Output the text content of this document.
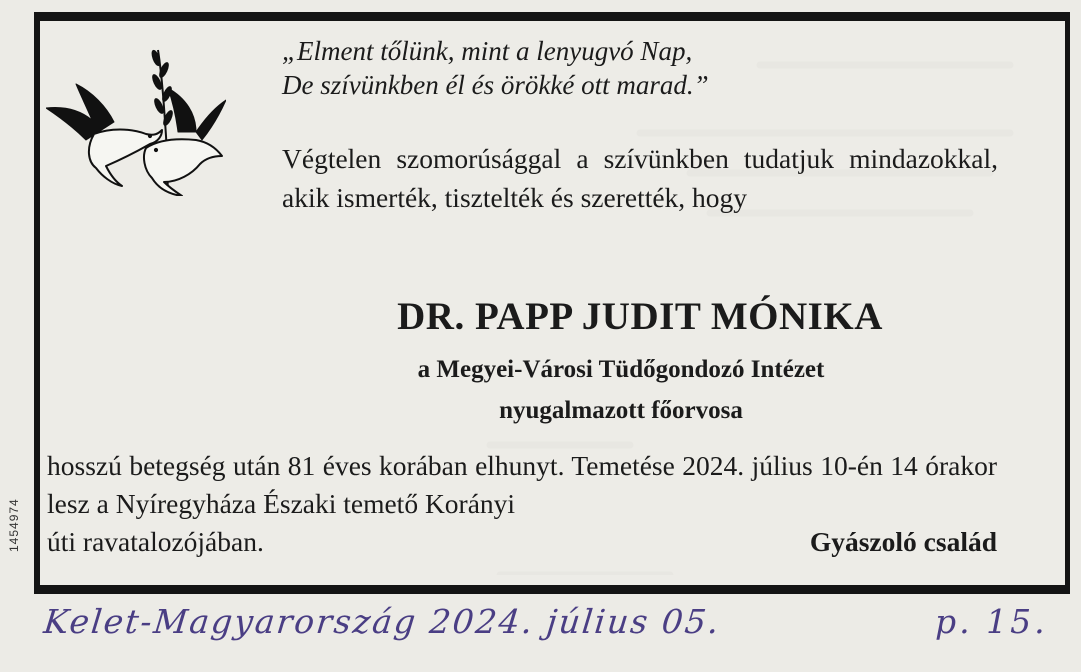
„Elment tőlünk, mint a lenyugvó Nap,
De szívünkben él és örökké ott marad.”
Végtelen szomorúsággal a szívünkben tudatjuk mindazokkal, akik ismerték, tisztelték és szerették, hogy
DR. PAPP JUDIT MÓNIKA
a Megyei-Városi Tüdőgondozó Intézet
nyugalmazott főorvosa
hosszú betegség után 81 éves korában elhunyt. Temetése 2024. július 10-én 14 órakor lesz a Nyíregyháza Északi temető Korányi
úti ravatalozójában.	Gyászoló család
1454974
Kelet-Magyarország 2024. július 05.	p. 15.
